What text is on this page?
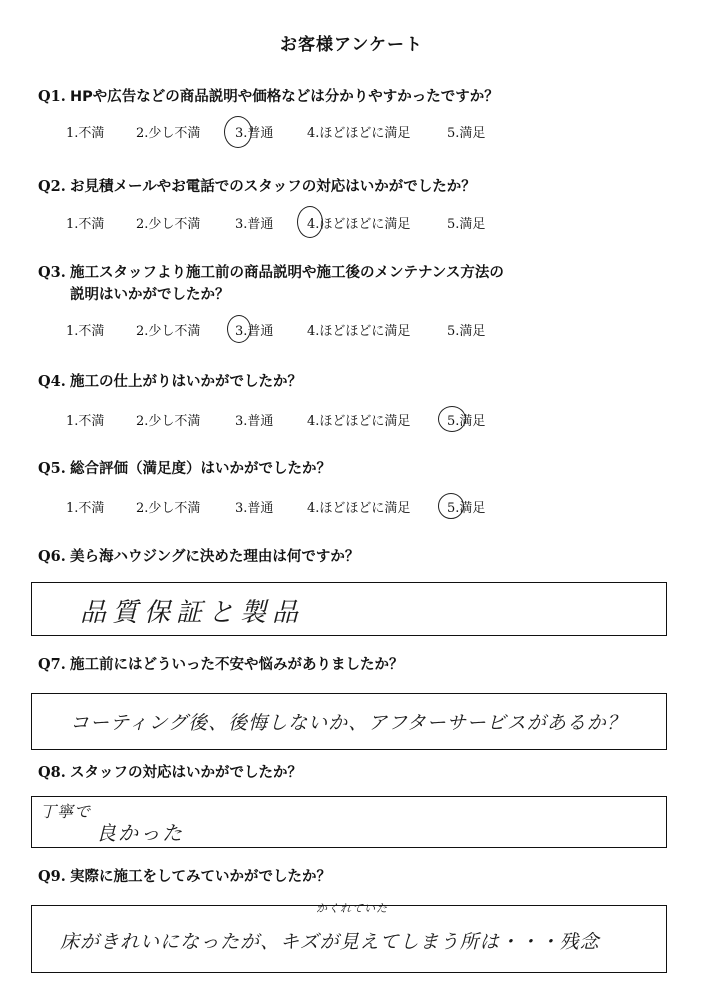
お客様アンケート
Q1. HPや広告などの商品説明や価格などは分かりやすかったですか？
1.不満 2.少し不満	3.普通	4.ほどほどに満足	5.満足
Q2. お見積メールやお電話でのスタッフの対応はいかがでしたか？
1.不満 2.少し不満	3.普通	4.ほどほどに満足	5.満足
Q3. 施工スタッフより施工前の商品説明や施工後のメンテナンス方法の
説明はいかがでしたか？
1.不満 2.少し不満	3.普通	4.ほどほどに満足	5.満足
Q4. 施工の仕上がりはいかがでしたか？
1.不満 2.少し不満	3.普通	4.ほどほどに満足	5.満足
Q5. 総合評価（満足度）はいかがでしたか？
1.不満 2.少し不満	3.普通	4.ほどほどに満足	5.満足
Q6. 美ら海ハウジングに決めた理由は何ですか？
品質保証と製品
Q7. 施工前にはどういった不安や悩みがありましたか？
コーティング後、後悔しないか、アフターサービスがあるか？
Q8. スタッフの対応はいかがでしたか？
丁寧で
良かった
Q9. 実際に施工をしてみていかがでしたか？
かくれていた
床がきれいになったが、キズが見えてしまう所は・・・残念
